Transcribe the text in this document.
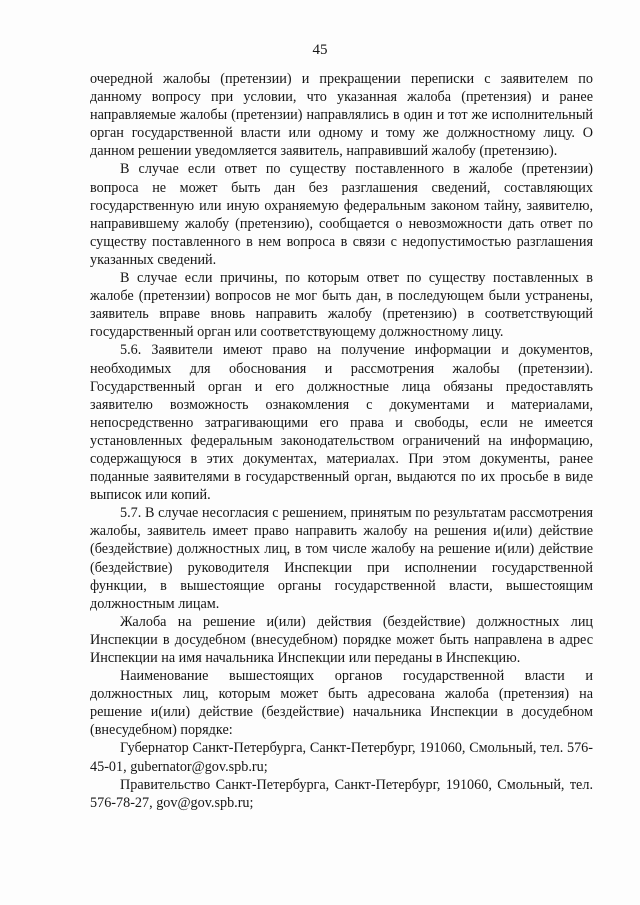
45

очередной жалобы (претензии) и прекращении переписки с заявителем по данному вопросу при условии, что указанная жалоба (претензия) и ранее направляемые жалобы (претензии) направлялись в один и тот же исполнительный орган государственной власти или одному и тому же должностному лицу. О данном решении уведомляется заявитель, направивший жалобу (претензию).

В случае если ответ по существу поставленного в жалобе (претензии) вопроса не может быть дан без разглашения сведений, составляющих государственную или иную охраняемую федеральным законом тайну, заявителю, направившему жалобу (претензию), сообщается о невозможности дать ответ по существу поставленного в нем вопроса в связи с недопустимостью разглашения указанных сведений.

В случае если причины, по которым ответ по существу поставленных в жалобе (претензии) вопросов не мог быть дан, в последующем были устранены, заявитель вправе вновь направить жалобу (претензию) в соответствующий государственный орган или соответствующему должностному лицу.

5.6. Заявители имеют право на получение информации и документов, необходимых для обоснования и рассмотрения жалобы (претензии). Государственный орган и его должностные лица обязаны предоставлять заявителю возможность ознакомления с документами и материалами, непосредственно затрагивающими его права и свободы, если не имеется установленных федеральным законодательством ограничений на информацию, содержащуюся в этих документах, материалах. При этом документы, ранее поданные заявителями в государственный орган, выдаются по их просьбе в виде выписок или копий.

5.7. В случае несогласия с решением, принятым по результатам рассмотрения жалобы, заявитель имеет право направить жалобу на решения и(или) действие (бездействие) должностных лиц, в том числе жалобу на решение и(или) действие (бездействие) руководителя Инспекции при исполнении государственной функции, в вышестоящие органы государственной власти, вышестоящим должностным лицам.

Жалоба на решение и(или) действия (бездействие) должностных лиц Инспекции в досудебном (внесудебном) порядке может быть направлена в адрес Инспекции на имя начальника Инспекции или переданы в Инспекцию.

Наименование вышестоящих органов государственной власти и должностных лиц, которым может быть адресована жалоба (претензия) на решение и(или) действие (бездействие) начальника Инспекции в досудебном (внесудебном) порядке:

Губернатор Санкт-Петербурга, Санкт-Петербург, 191060, Смольный, тел. 576-45-01, gubernator@gov.spb.ru;

Правительство Санкт-Петербурга, Санкт-Петербург, 191060, Смольный, тел. 576-78-27, gov@gov.spb.ru;
